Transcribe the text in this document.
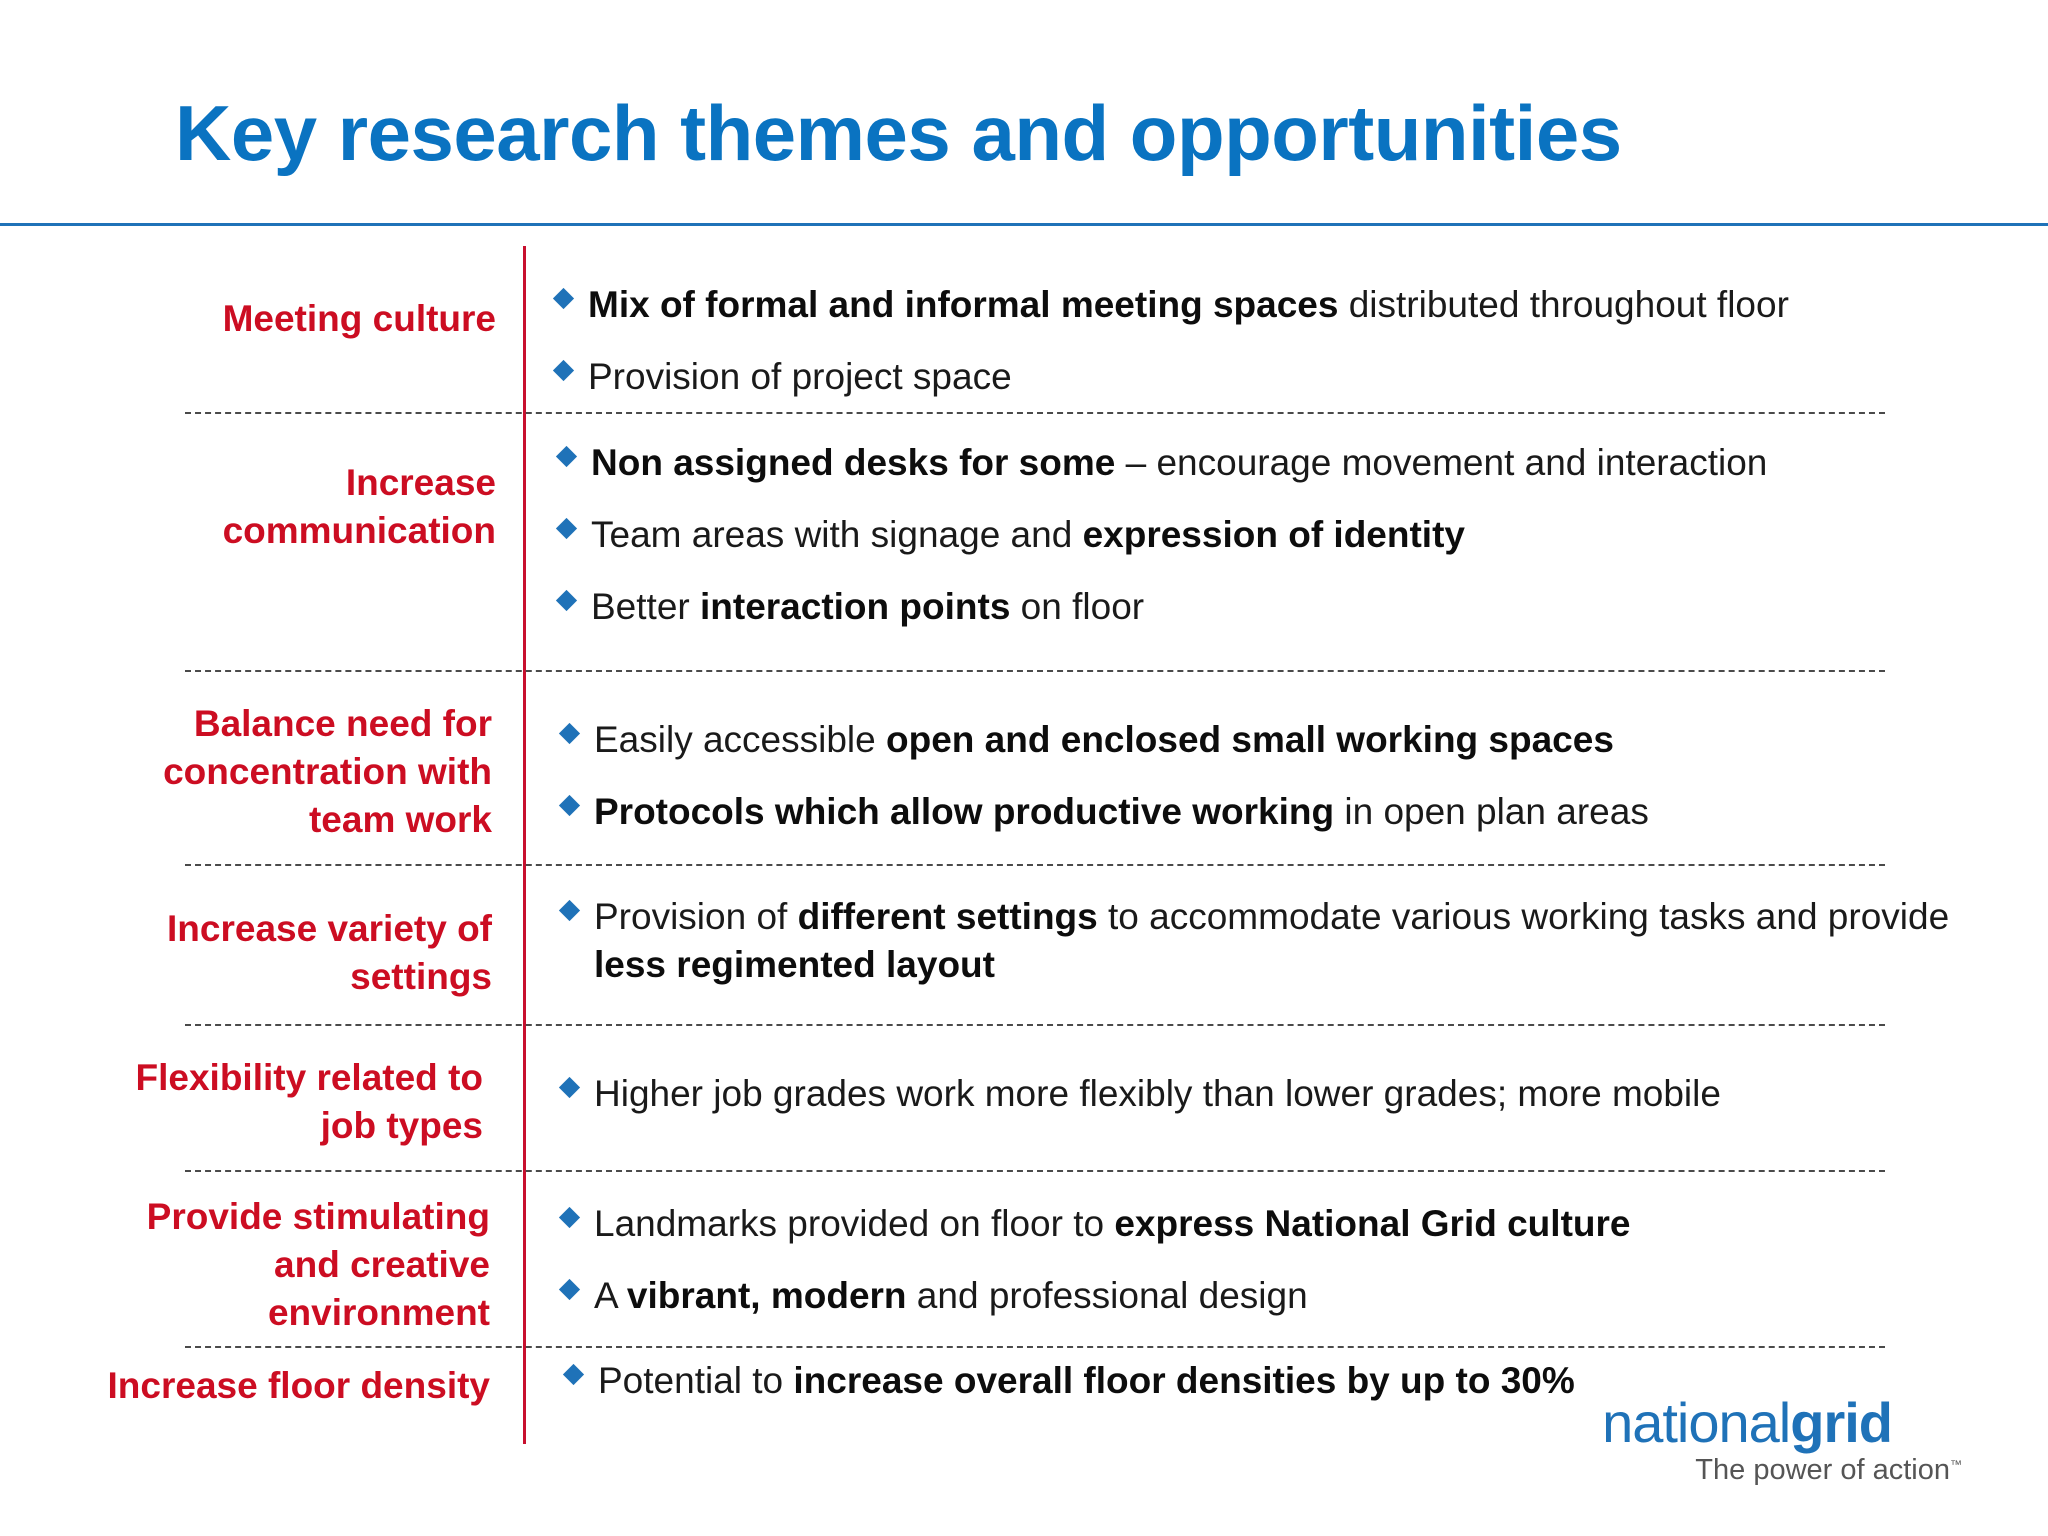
Key research themes and opportunities
Meeting culture	Mix of formal and informal meeting spaces distributed throughout floor
Provision of project space
Increase
communication
Non assigned desks for some – encourage movement and interaction
Team areas with signage and expression of identity
Better interaction points on floor
Balance need for
concentration with
team work
Easily accessible open and enclosed small working spaces
Protocols which allow productive working in open plan areas
Increase variety of
settings
Provision of different settings to accommodate various working tasks and provide less regimented layout
Flexibility related to
job types
Higher job grades work more flexibly than lower grades; more mobile
Provide stimulating
and creative
environment
Landmarks provided on floor to express National Grid culture
A vibrant, modern and professional design
Increase floor density	Potential to increase overall floor densities by up to 30%
nationalgrid
The power of action™
